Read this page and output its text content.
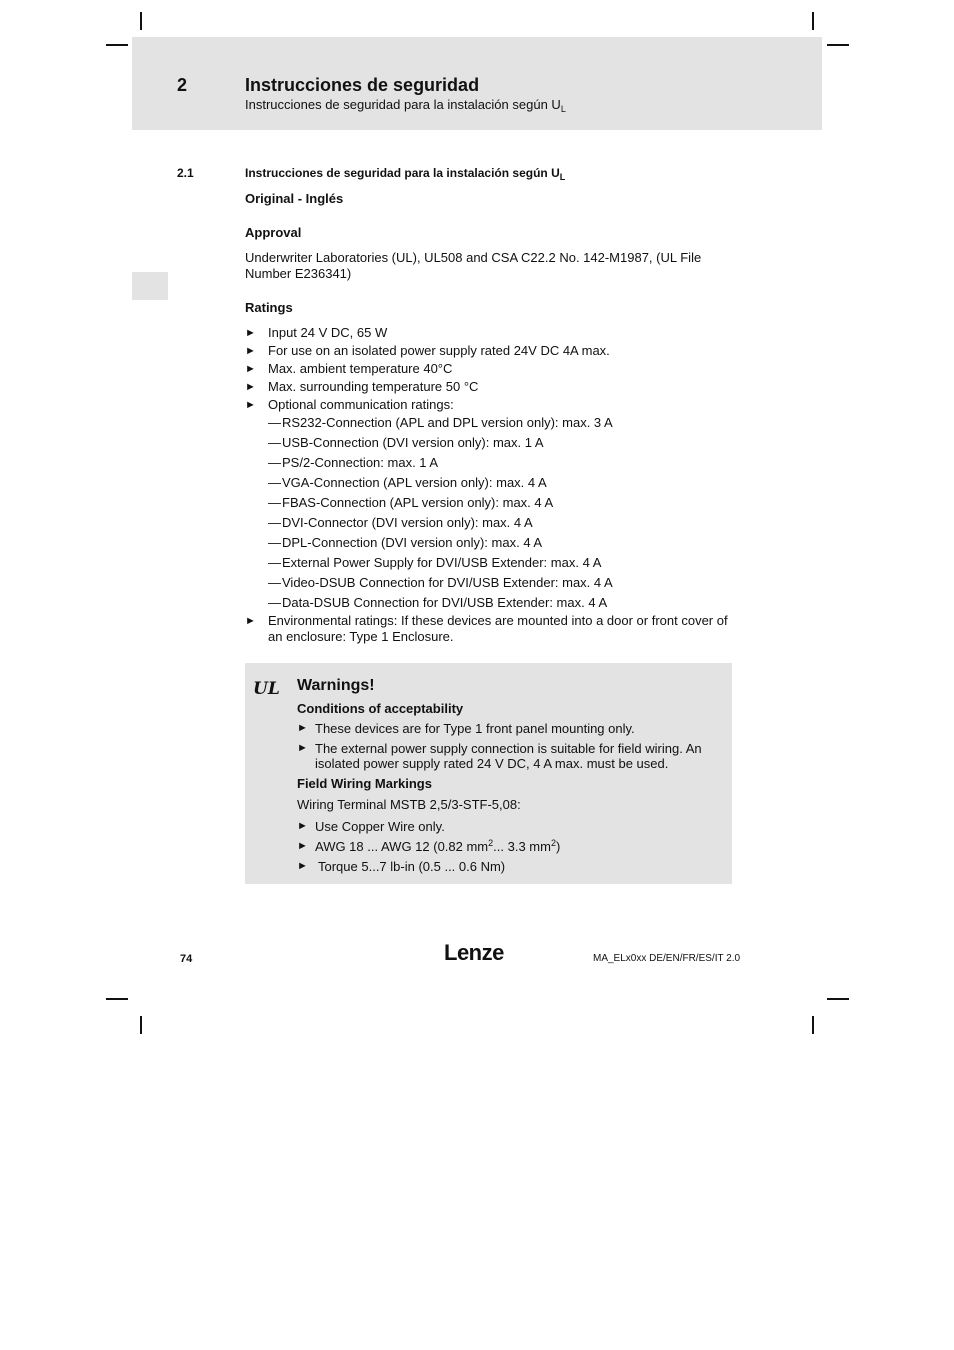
2	Instrucciones de seguridad
Instrucciones de seguridad para la instalación según $U_L$
2.1	Instrucciones de seguridad para la instalación según $U_L$
Original - Inglés
Approval

Underwriter Laboratories (UL), UL508 and CSA C22.2 No. 142-M1987, (UL File Number E236341)

Ratings
► Input 24 V DC, 65 W
► For use on an isolated power supply rated 24V DC 4A max.
► Max. ambient temperature 40°C
► Max. surrounding temperature 50 °C
► Optional communication ratings:
— RS232-Connection (APL and DPL version only): max. 3 A
— USB-Connection (DVI version only): max. 1 A
— PS/2-Connection: max. 1 A
— VGA-Connection (APL version only): max. 4 A
— FBAS-Connection (APL version only): max. 4 A
— DVI-Connector (DVI version only): max. 4 A
— DPL-Connection (DVI version only): max. 4 A
— External Power Supply for DVI/USB Extender: max. 4 A
— Video-DSUB Connection for DVI/USB Extender: max. 4 A
— Data-DSUB Connection for DVI/USB Extender: max. 4 A
► Environmental ratings: If these devices are mounted into a door or front cover of an enclosure: Type 1 Enclosure.
UL Warnings!
Conditions of acceptability
► These devices are for Type 1 front panel mounting only.
► The external power supply connection is suitable for field wiring. An isolated power supply rated 24 V DC, 4 A max. must be used.
Field Wiring Markings
Wiring Terminal MSTB 2,5/3-STF-5,08:
► Use Copper Wire only.
► AWG 18 ... AWG 12 (0.82 $mm^2$... 3.3 $mm^2$)
► Torque 5...7 lb-in (0.5 ... 0.6 Nm)
74	Lenze	MA_ELx0xx DE/EN/FR/ES/IT 2.0
